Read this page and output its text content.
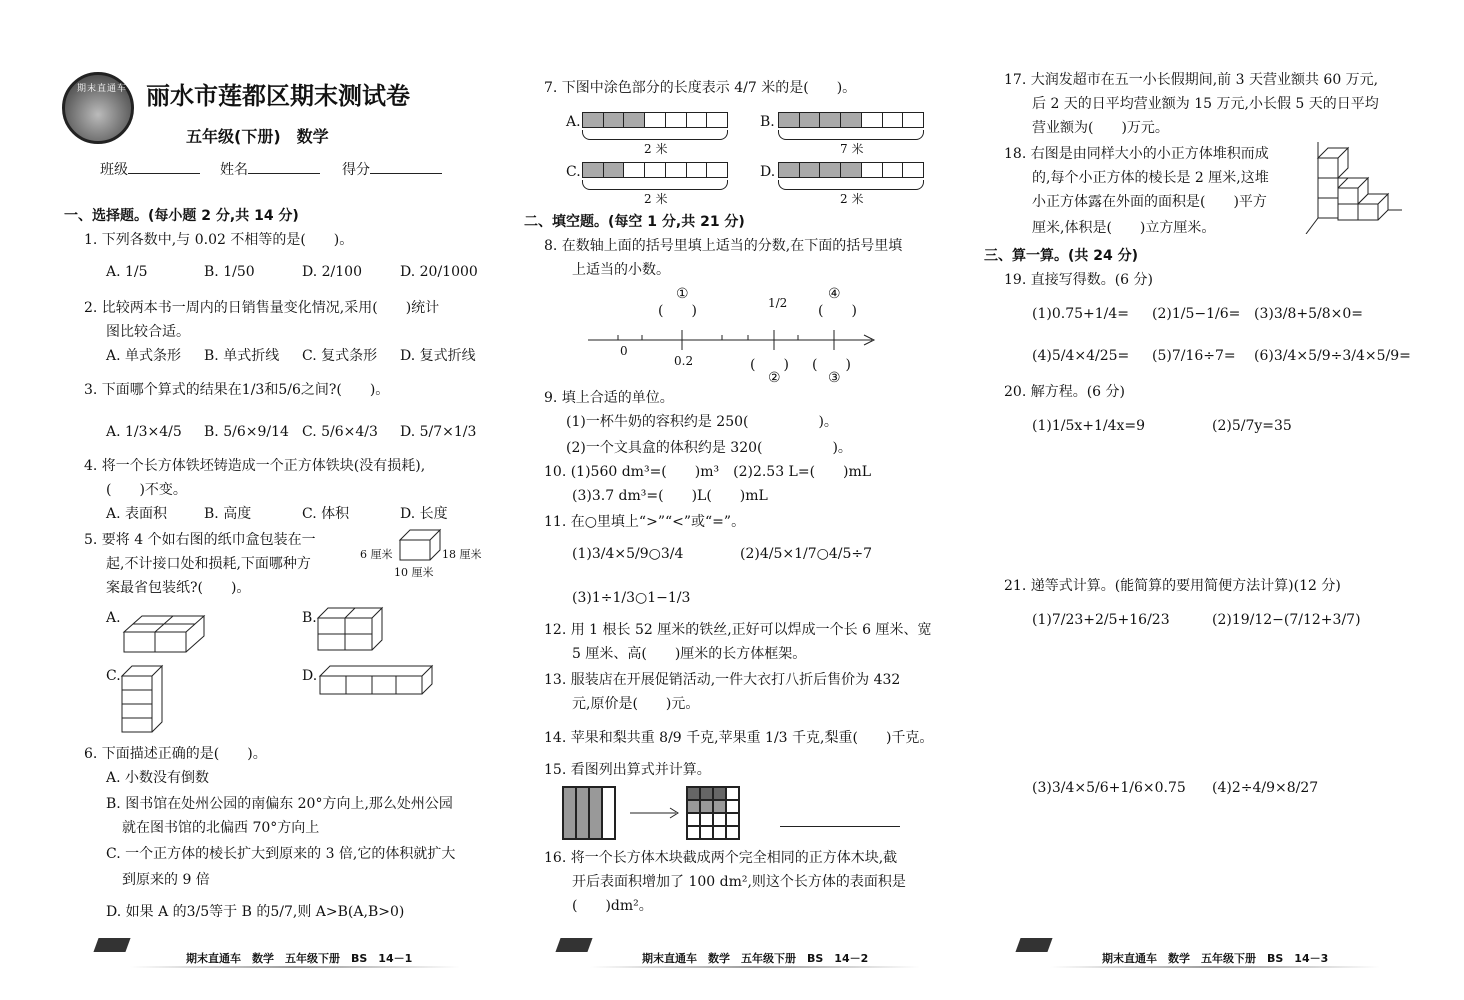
期末直通车 丽水市莲都区期末测试卷
五年级(下册)　数学
班级	姓名	得分
一、选择题。(每小题 2 分,共 14 分)
1. 下列各数中,与 0.02 不相等的是(　　)。
A. 1/5	B. 1/50	D. 2/100	D. 20/1000
2. 比较两本书一周内的日销售量变化情况,采用(　　)统计
图比较合适。
A. 单式条形 B. 单式折线 C. 复式条形 D. 复式折线
3. 下面哪个算式的结果在1/3和5/6之间?(　　)。
A. 1/3×4/5 B. 5/6×9/14 C. 5/6×4/3 D. 5/7×1/3
4. 将一个长方体铁坯铸造成一个正方体铁块(没有损耗),
(　　)不变。
A. 表面积	B. 高度	C. 体积	D. 长度
5. 要将 4 个如右图的纸巾盒包装在一
起,不计接口处和损耗,下面哪种方
案最省包装纸?(　　)。
6 厘米	18 厘米
10 厘米
A.	B.
C.	D.
6. 下面描述正确的是(　　)。
A. 小数没有倒数
B. 图书馆在处州公园的南偏东 20°方向上,那么处州公园
就在图书馆的北偏西 70°方向上
C. 一个正方体的棱长扩大到原来的 3 倍,它的体积就扩大
到原来的 9 倍
D. 如果 A 的3/5等于 B 的5/7,则 A>B(A,B>0)
7. 下图中涂色部分的长度表示 4/7 米的是(　　)。
A.
2 米
B.
7 米
C.
2 米
D.
2 米
二、填空题。(每空 1 分,共 21 分)
8. 在数轴上面的括号里填上适当的分数,在下面的括号里填
上适当的小数。
①
②	③
④
0
0.2
1/2
(　　)	(　　)
(　　) (　　)
9. 填上合适的单位。
(1)一杯牛奶的容积约是 250(　　　　　)。
(2)一个文具盒的体积约是 320(　　　　　)。
10. (1)560 dm³=(　　)m³　(2)2.53 L=(　　)mL
(3)3.7 dm³=(　　)L(　　)mL
11. 在○里填上“>”“<”或“=”。
(1)3/4×5/9○3/4	(2)4/5×1/7○4/5÷7
(3)1÷1/3○1−1/3
12. 用 1 根长 52 厘米的铁丝,正好可以焊成一个长 6 厘米、宽
5 厘米、高(　　)厘米的长方体框架。
13. 服装店在开展促销活动,一件大衣打八折后售价为 432
元,原价是(　　)元。
14. 苹果和梨共重 8/9 千克,苹果重 1/3 千克,梨重(　　)千克。
15. 看图列出算式并计算。
16. 将一个长方体木块截成两个完全相同的正方体木块,截
开后表面积增加了 100 dm²,则这个长方体的表面积是
(　　)dm²。
17. 大润发超市在五一小长假期间,前 3 天营业额共 60 万元,
后 2 天的日平均营业额为 15 万元,小长假 5 天的日平均
营业额为(　　)万元。
18. 右图是由同样大小的小正方体堆积而成
的,每个小正方体的棱长是 2 厘米,这堆
小正方体露在外面的面积是(　　)平方
厘米,体积是(　　)立方厘米。
三、算一算。(共 24 分)
19. 直接写得数。(6 分)
(1)0.75+1/4= (2)1/5−1/6= (3)3/8+5/8×0=
(4)5/4×4/25= (5)7/16÷7= (6)3/4×5/9÷3/4×5/9=
20. 解方程。(6 分)
(1)1/5x+1/4x=9	(2)5/7y=35
21. 递等式计算。(能简算的要用简便方法计算)(12 分)
(1)7/23+2/5+16/23	(2)19/12−(7/12+3/7)
(3)3/4×5/6+1/6×0.75 (4)2÷4/9×8/27
期末直通车　数学　五年级下册　BS　14－1	期末直通车　数学　五年级下册　BS　14－2	期末直通车　数学　五年级下册　BS　14－3
